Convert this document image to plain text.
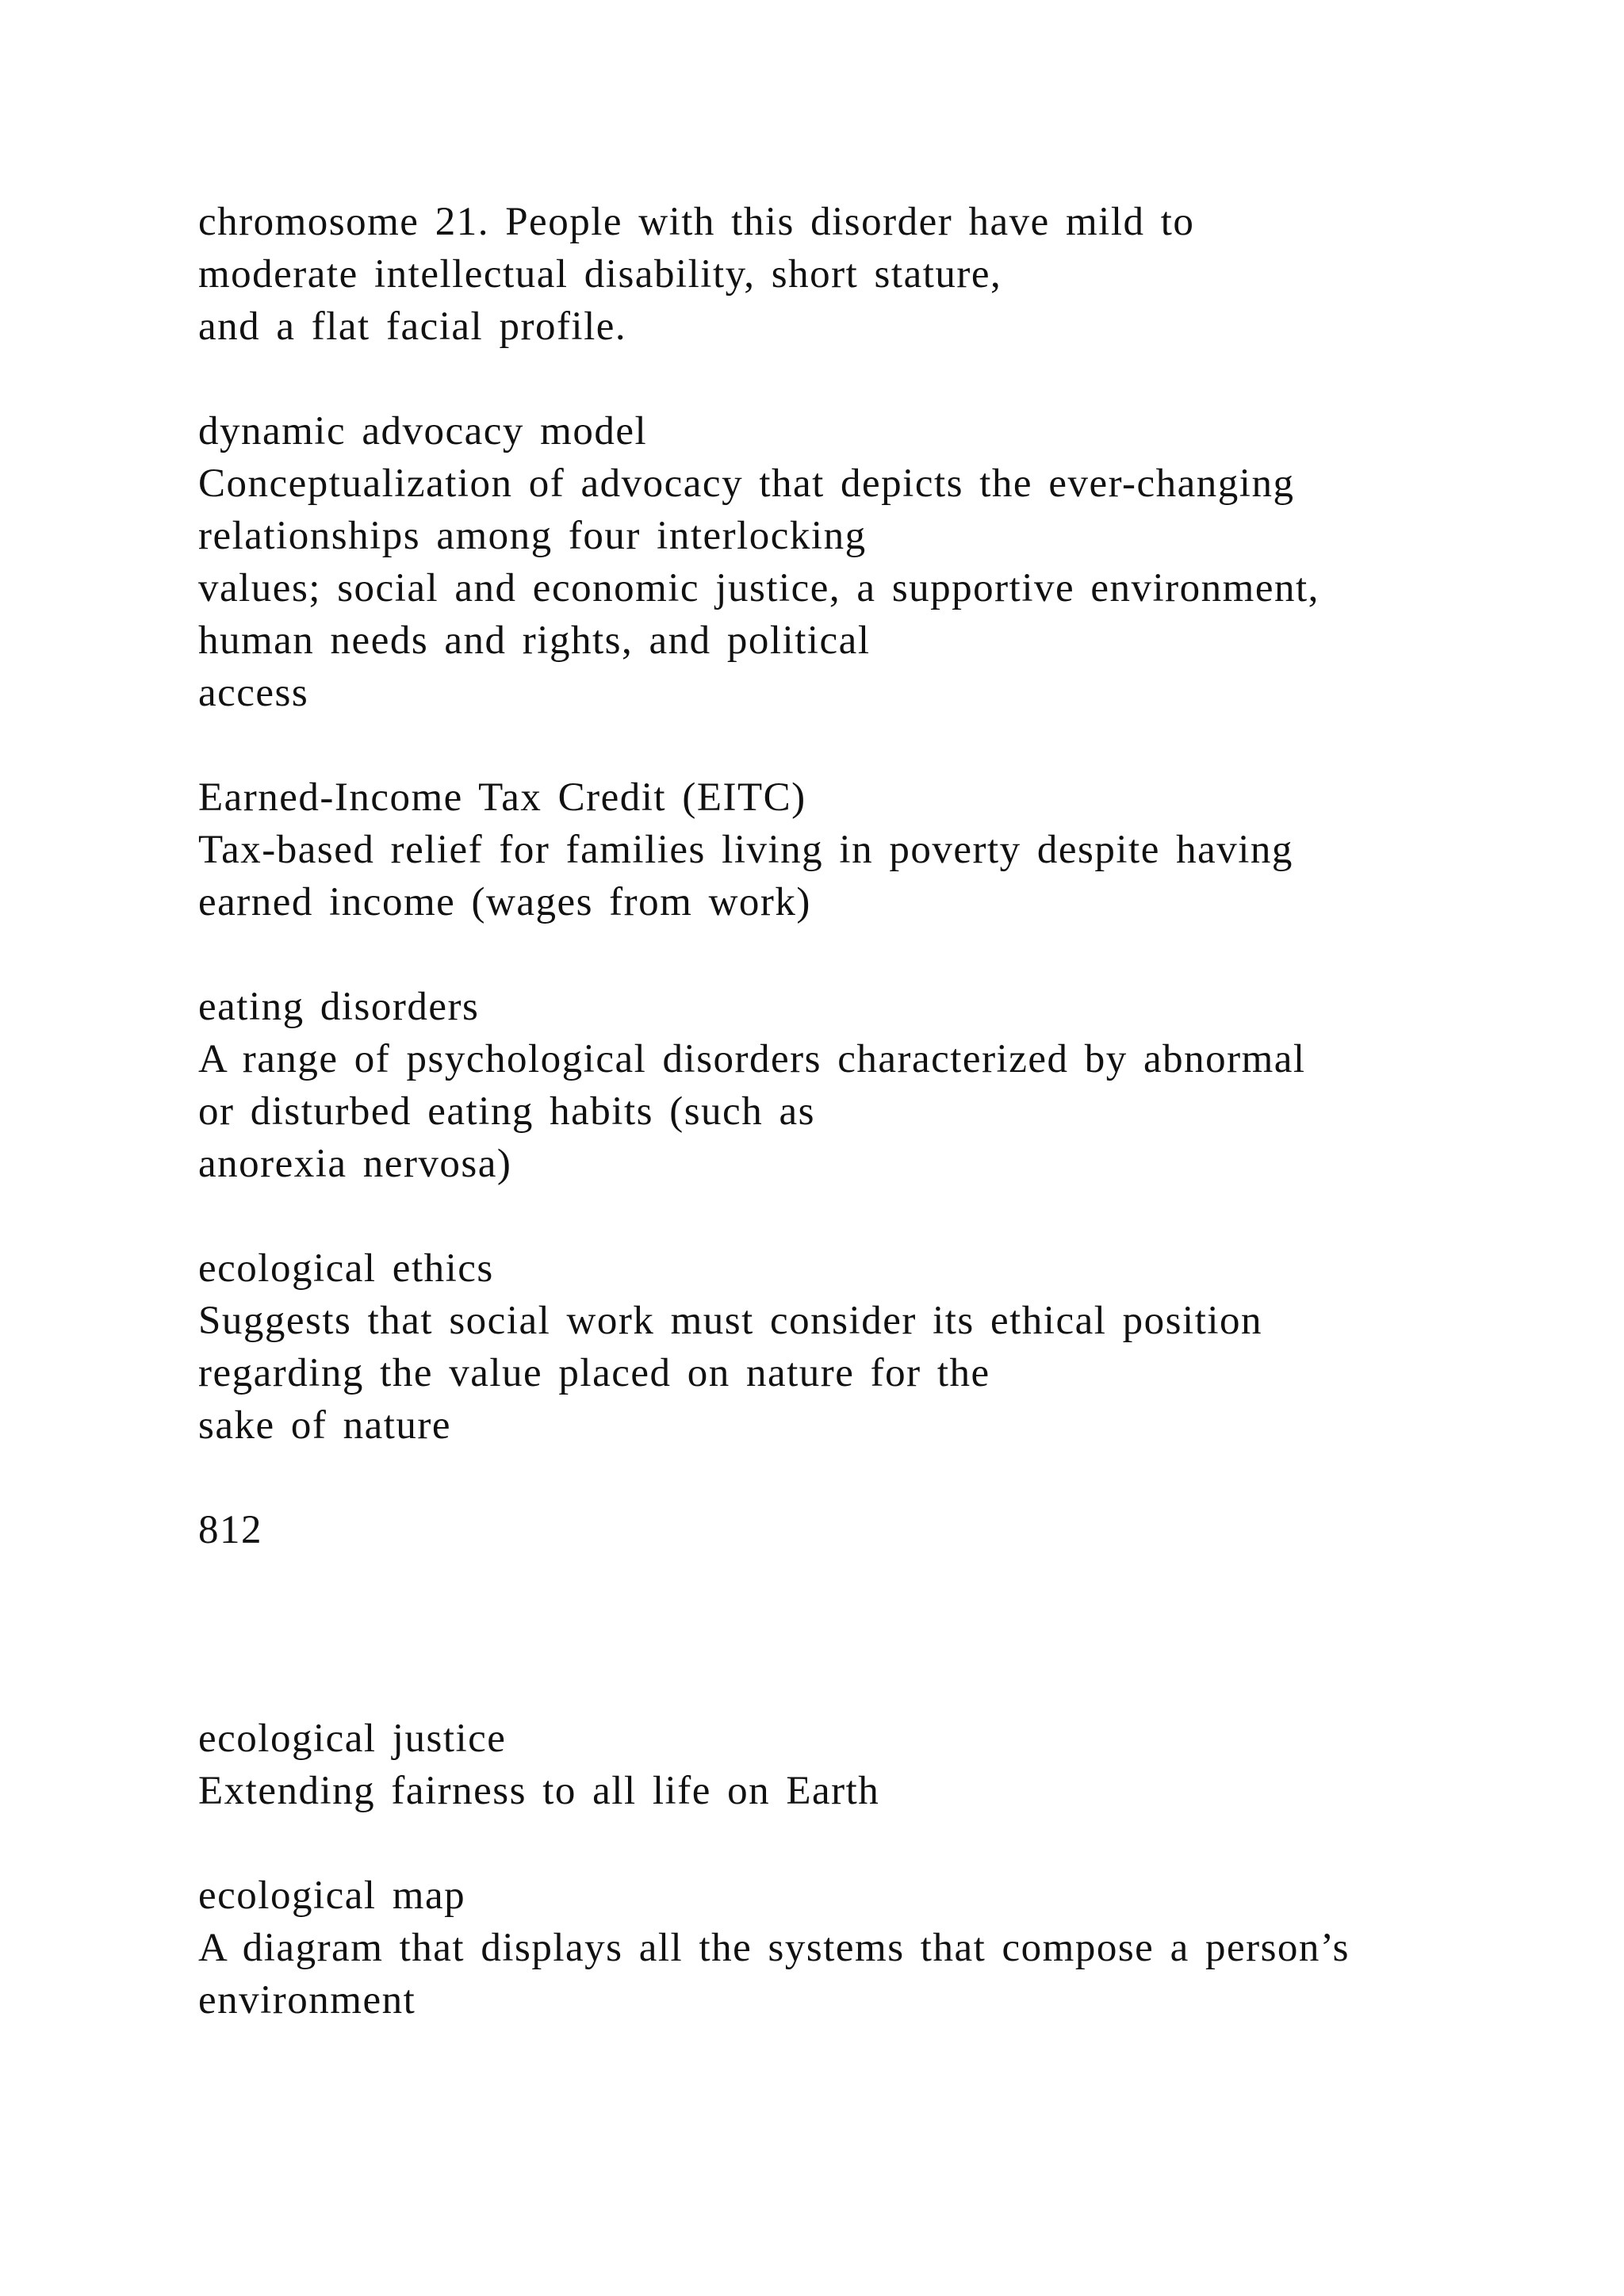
chromosome 21. People with this disorder have mild to
moderate intellectual disability, short stature,
and a flat facial profile.
dynamic advocacy model
Conceptualization of advocacy that depicts the ever-changing
relationships among four interlocking
values; social and economic justice, a supportive environment,
human needs and rights, and political
access
Earned-Income Tax Credit (EITC)
Tax-based relief for families living in poverty despite having
earned income (wages from work)
eating disorders
A range of psychological disorders characterized by abnormal
or disturbed eating habits (such as
anorexia nervosa)
ecological ethics
Suggests that social work must consider its ethical position
regarding the value placed on nature for the
sake of nature
812
ecological justice
Extending fairness to all life on Earth
ecological map
A diagram that displays all the systems that compose a person’s
environment
